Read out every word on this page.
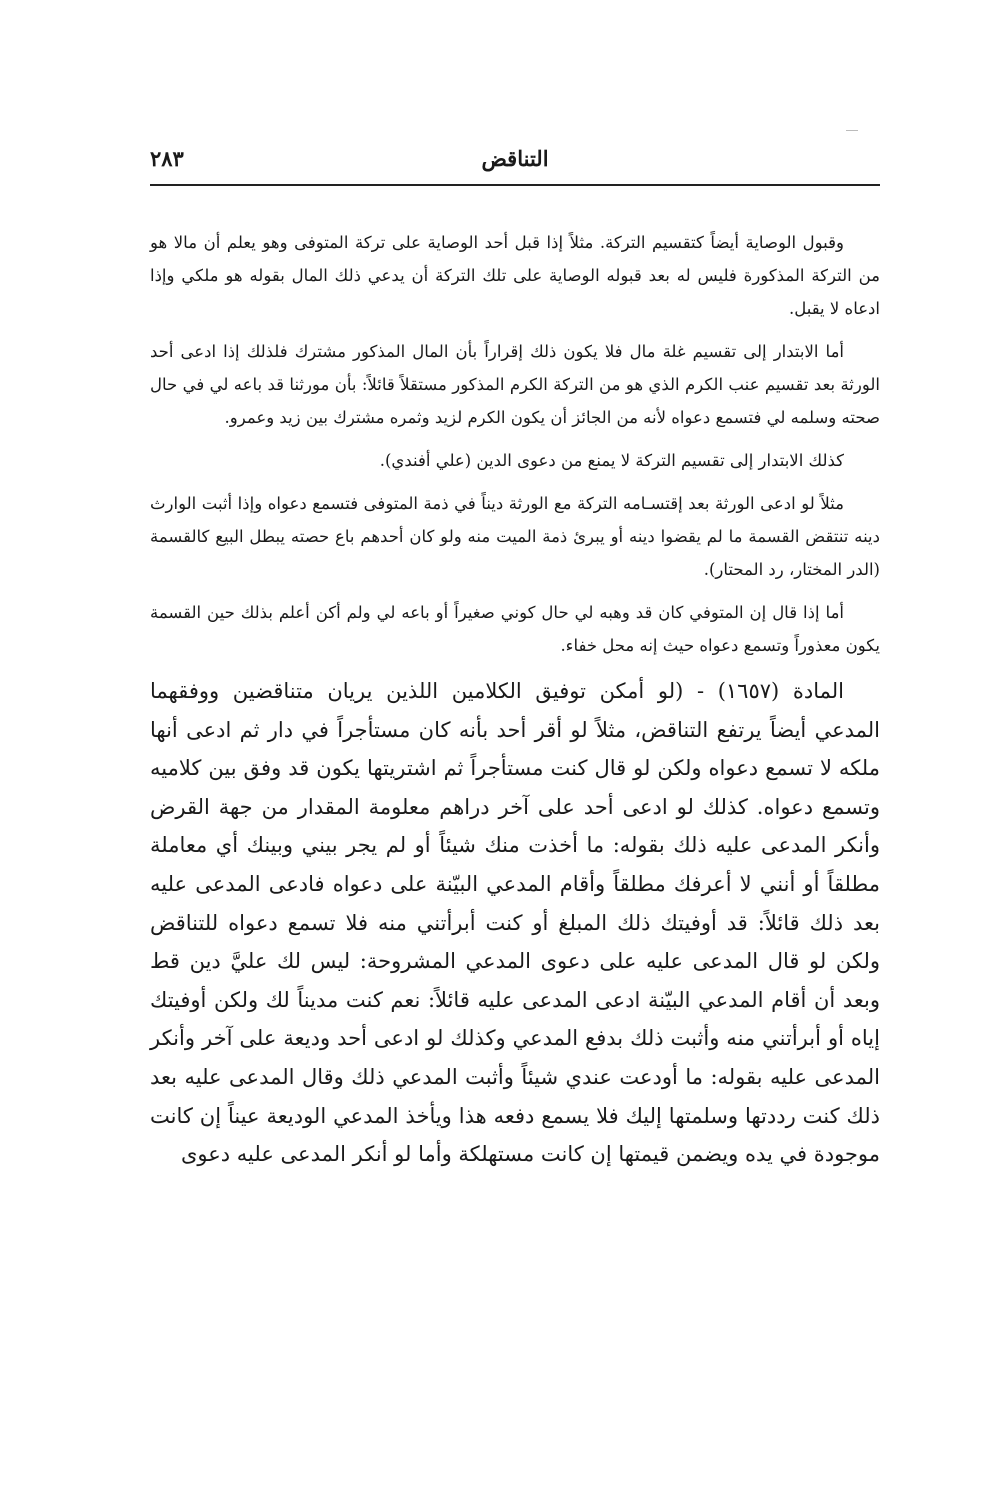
التناقض
٢٨٣

وقبول الوصاية أيضاً كتقسيم التركة. مثلاً إذا قبل أحد الوصاية على تركة المتوفى وهو يعلم أن مالا هو من التركة المذكورة فليس له بعد قبوله الوصاية على تلك التركة أن يدعي ذلك المال بقوله هو ملكي وإذا ادعاه لا يقبل.

أما الابتدار إلى تقسيم غلة مال فلا يكون ذلك إقراراً بأن المال المذكور مشترك فلذلك إذا ادعى أحد الورثة بعد تقسيم عنب الكرم الذي هو من التركة الكرم المذكور مستقلاً قائلاً: بأن مورثنا قد باعه لي في حال صحته وسلمه لي فتسمع دعواه لأنه من الجائز أن يكون الكرم لزيد وثمره مشترك بين زيد وعمرو.

كذلك الابتدار إلى تقسيم التركة لا يمنع من دعوى الدين (علي أفندي).

مثلاً لو ادعى الورثة بعد إقتسـامه التركة مع الورثة ديناً في ذمة المتوفى فتسمع دعواه وإذا أثبت الوارث دينه تنتقض القسمة ما لم يقضوا دينه أو يبرئ ذمة الميت منه ولو كان أحدهم باع حصته يبطل البيع كالقسمة (الدر المختار، رد المحتار).

أما إذا قال إن المتوفي كان قد وهبه لي حال كوني صغيراً أو باعه لي ولم أكن أعلم بذلك حين القسمة يكون معذوراً وتسمع دعواه حيث إنه محل خفاء.

المادة (١٦٥٧) - (لو أمكن توفيق الكلامين اللذين يريان متناقضين ووفقهما المدعي أيضاً يرتفع التناقض، مثلاً لو أقر أحد بأنه كان مستأجراً في دار ثم ادعى أنها ملكه لا تسمع دعواه ولكن لو قال كنت مستأجراً ثم اشتريتها يكون قد وفق بين كلاميه وتسمع دعواه. كذلك لو ادعى أحد على آخر دراهم معلومة المقدار من جهة القرض وأنكر المدعى عليه ذلك بقوله: ما أخذت منك شيئاً أو لم يجر بيني وبينك أي معاملة مطلقاً أو أنني لا أعرفك مطلقاً وأقام المدعي البيّنة على دعواه فادعى المدعى عليه بعد ذلك قائلاً: قد أوفيتك ذلك المبلغ أو كنت أبرأتني منه فلا تسمع دعواه للتناقض ولكن لو قال المدعى عليه على دعوى المدعي المشروحة: ليس لك عليَّ دين قط وبعد أن أقام المدعي البيّنة ادعى المدعى عليه قائلاً: نعم كنت مديناً لك ولكن أوفيتك إياه أو أبرأتني منه وأثبت ذلك بدفع المدعي وكذلك لو ادعى أحد وديعة على آخر وأنكر المدعى عليه بقوله: ما أودعت عندي شيئاً وأثبت المدعي ذلك وقال المدعى عليه بعد ذلك كنت رددتها وسلمتها إليك فلا يسمع دفعه هذا ويأخذ المدعي الوديعة عيناً إن كانت موجودة في يده ويضمن قيمتها إن كانت مستهلكة وأما لو أنكر المدعى عليه دعوى
